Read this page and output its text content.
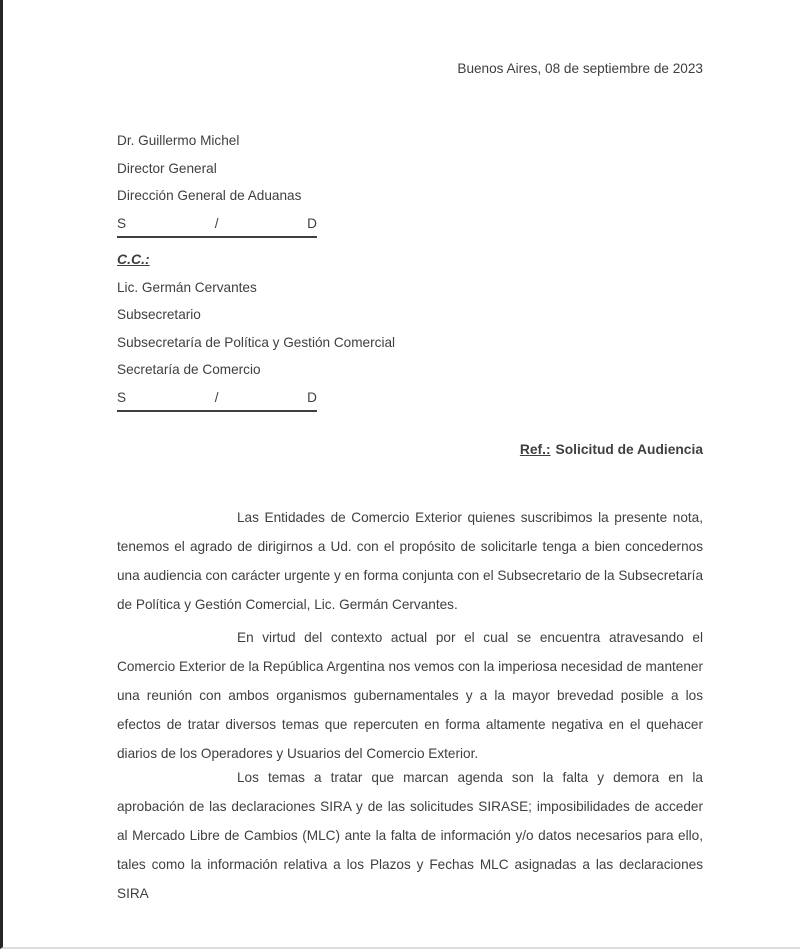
Buenos Aires, 08 de septiembre de 2023
Dr. Guillermo Michel
Director General
Dirección General de Aduanas
S	/	D
C.C.:
Lic. Germán Cervantes
Subsecretario
Subsecretaría de Política y Gestión Comercial
Secretaría de Comercio
S	/	D
Ref.: Solicitud de Audiencia

Las Entidades de Comercio Exterior quienes suscribimos la presente nota, tenemos el agrado de dirigirnos a Ud. con el propósito de solicitarle tenga a bien concedernos una audiencia con carácter urgente y en forma conjunta con el Subsecretario de la Subsecretaría de Política y Gestión Comercial, Lic. Germán Cervantes.

En virtud del contexto actual por el cual se encuentra atravesando el Comercio Exterior de la República Argentina nos vemos con la imperiosa necesidad de mantener una reunión con ambos organismos gubernamentales y a la mayor brevedad posible a los efectos de tratar diversos temas que repercuten en forma altamente negativa en el quehacer diarios de los Operadores y Usuarios del Comercio Exterior.

Los temas a tratar que marcan agenda son la falta y demora en la aprobación de las declaraciones SIRA y de las solicitudes SIRASE; imposibilidades de acceder al Mercado Libre de Cambios (MLC) ante la falta de información y/o datos necesarios para ello, tales como la información relativa a los Plazos y Fechas MLC asignadas a las declaraciones SIRA
